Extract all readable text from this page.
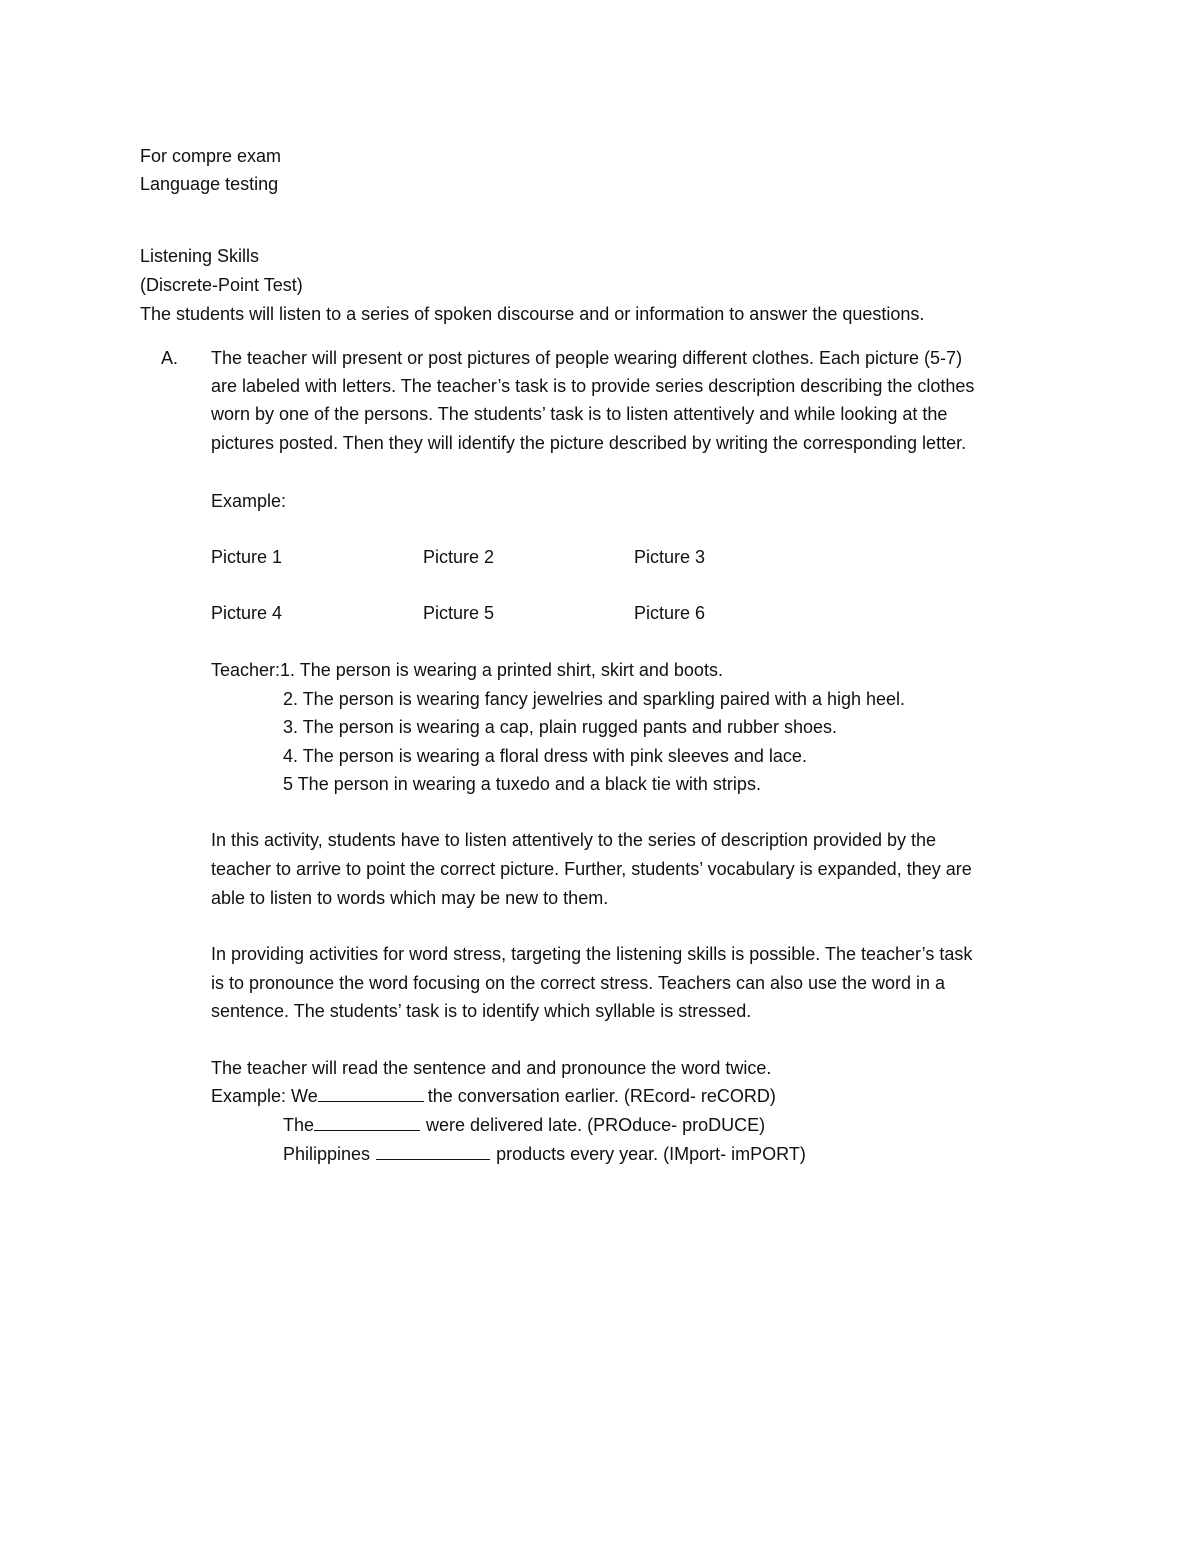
For compre exam
Language testing
Listening Skills
(Discrete-Point Test)
The students will listen to a series of spoken discourse and or information to answer the questions.
A. The teacher will present or post pictures of people wearing different clothes. Each picture (5-7)
are labeled with letters. The teacher’s task is to provide series description describing the clothes
worn by one of the persons. The students’ task is to listen attentively and while looking at the
pictures posted. Then they will identify the picture described by writing the corresponding letter.
Example:
Picture 1	Picture 2	Picture 3
Picture 4	Picture 5	Picture 6
Teacher:1. The person is wearing a printed shirt, skirt and boots.
2. The person is wearing fancy jewelries and sparkling paired with a high heel.
3. The person is wearing a cap, plain rugged pants and rubber shoes.
4. The person is wearing a floral dress with pink sleeves and lace.
5 The person in wearing a tuxedo and a black tie with strips.
In this activity, students have to listen attentively to the series of description provided by the
teacher to arrive to point the correct picture. Further, students’ vocabulary is expanded, they are
able to listen to words which may be new to them.
In providing activities for word stress, targeting the listening skills is possible. The teacher’s task
is to pronounce the word focusing on the correct stress. Teachers can also use the word in a
sentence. The students’ task is to identify which syllable is stressed.
The teacher will read the sentence and and pronounce the word twice.
Example: We	the conversation earlier. (REcord- reCORD)
The	were delivered late. (PROduce- proDUCE)
Philippines	products every year. (IMport- imPORT)
